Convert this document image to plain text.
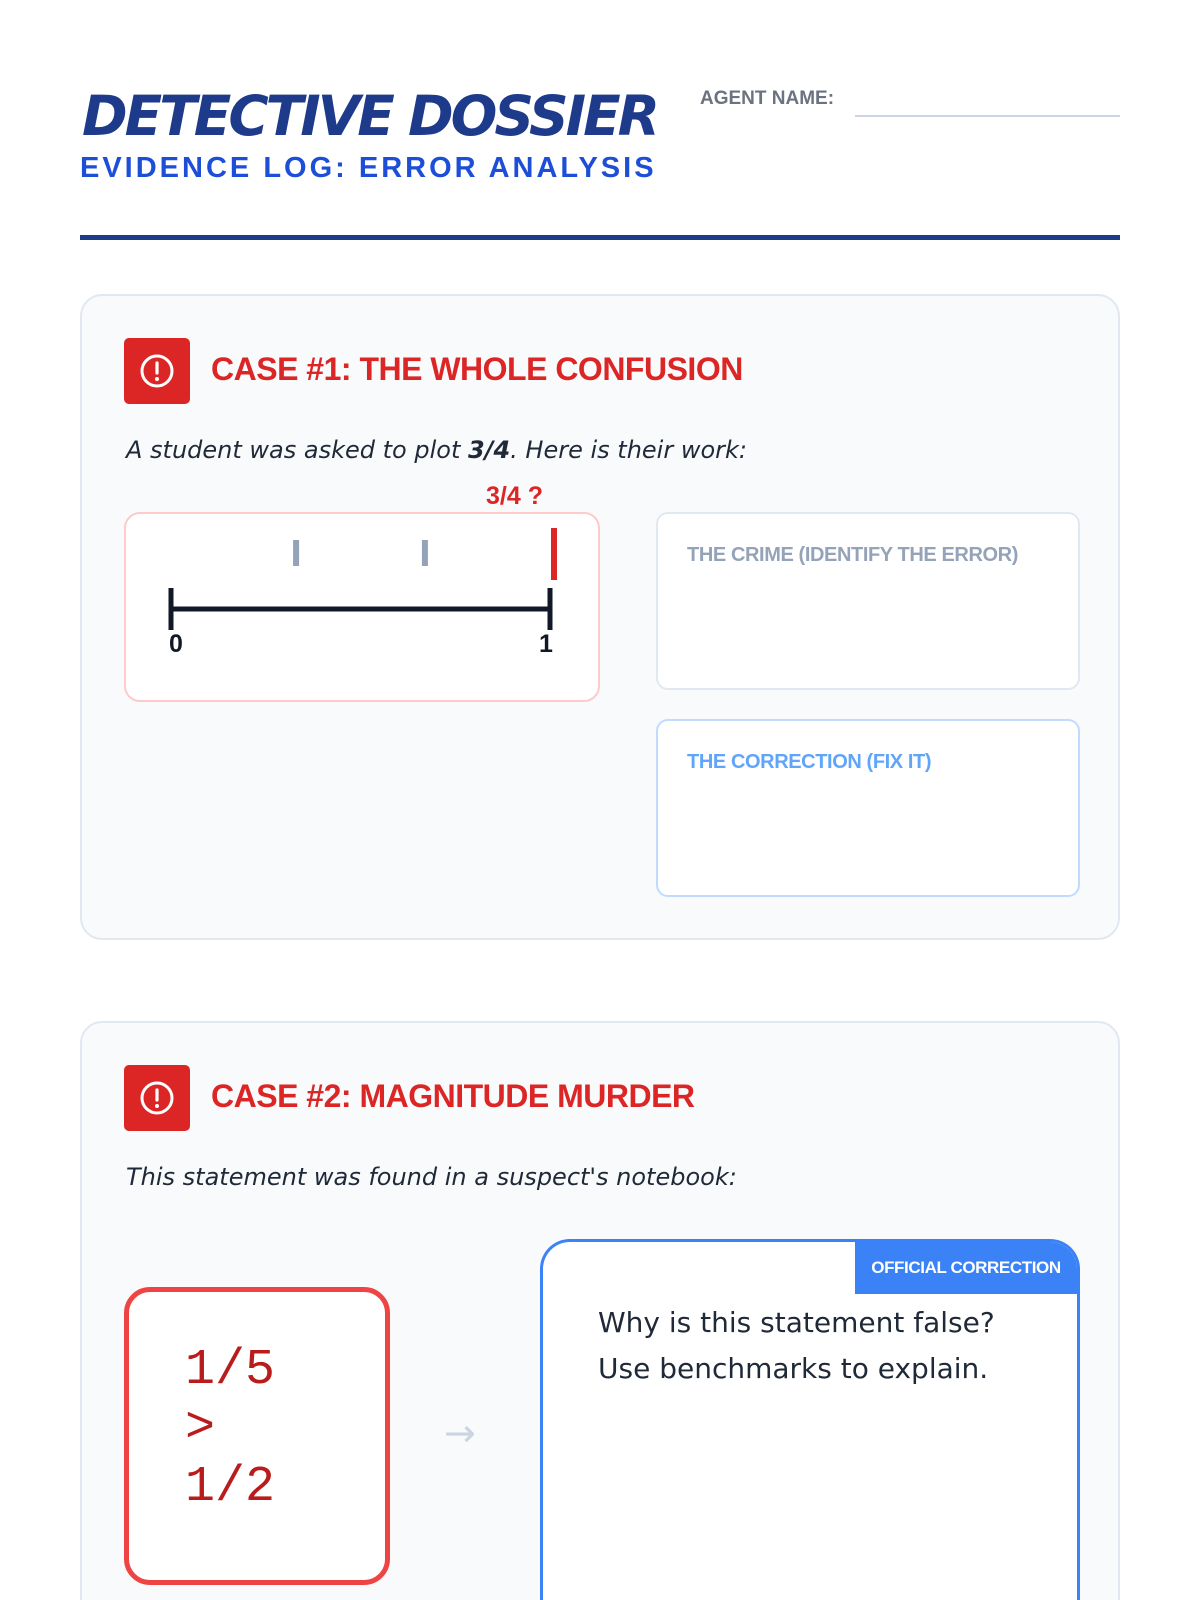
DETECTIVE DOSSIER AGENT NAME:
EVIDENCE LOG: ERROR ANALYSIS
CASE #1: THE WHOLE CONFUSION
A student was asked to plot 3/4. Here is their work:
3/4 ?
0	1
THE CRIME (IDENTIFY THE ERROR)
THE CORRECTION (FIX IT)
CASE #2: MAGNITUDE MURDER
This statement was found in a suspect's notebook:
1/5
>
1/2
→
OFFICIAL CORRECTION
Why is this statement false?
Use benchmarks to explain.
